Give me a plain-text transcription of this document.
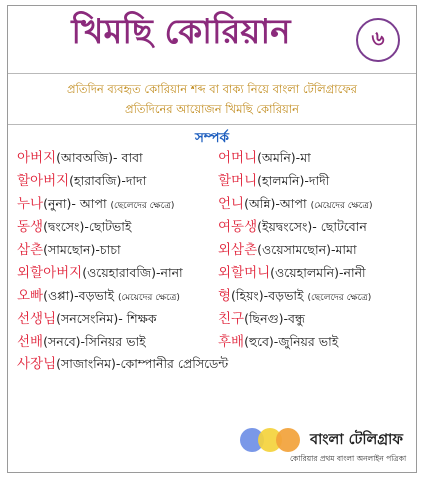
খিমছি কোরিয়ান	৬
প্রতিদিন ব্যবহৃত কোরিয়ান শব্দ বা বাক্য নিয়ে বাংলা টেলিগ্রাফের
প্রতিদিনের আয়োজন খিমছি কোরিয়ান
সম্পর্ক
아버지 (আবঅজি)- বাবা	어머니 (অমনি)-মা
할아버지 (হারাবজি)-দাদা	할머니 (হালমনি)-দাদী
누나 (নুনা)- আপা (ছেলেদের ক্ষেত্রে)	언니 (অন্নি)-আপা (মেয়েদের ক্ষেত্রে)
동생 (দ্বংসেং)-ছোটভাই	여동생 (ইয়দ্বংসেং)- ছোটবোন
삼촌 (সামছোন)-চাচা	외삼촌 (ওয়েসামছোন)-মামা
외할아버지 (ওয়েহারাবজি)-নানা	외할머니 (ওয়েহালমনি)-নানী
오빠 (ওপ্পা)-বড়ভাই (মেয়েদের ক্ষেত্রে)	형 (হিয়ং)-বড়ভাই (ছেলেদের ক্ষেত্রে)
선생님 (সনসেংনিম)- শিক্ষক	친구 (ছিনগু)-বন্ধু
선배 (সনবে)-সিনিয়র ভাই	후배 (হুবে)-জুনিয়র ভাই
사장님 (সাজাংনিম)-কোম্পানীর প্রেসিডেন্ট
বাংলা টেলিগ্রাফ
কোরিয়ার প্রথম বাংলা অনলাইন পত্রিকা
